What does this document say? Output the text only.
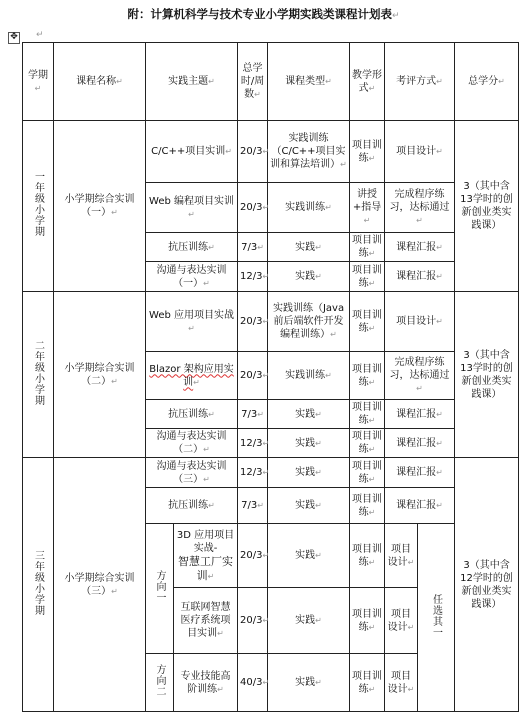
附：计算机科学与技术专业小学期实践类课程计划表↵
✥ ↵
学期↵	课程名称↵	实践主题↵		总学时/周数↵	课程类型↵	教学形式↵	考评方式↵		总学分↵
一年级小学期	小学期综合实训（一）↵	C/C++项目实训↵		20/3↵	实践训练（C/C++项目实训和算法培训）↵	项目训练↵	项目设计↵		3（其中含13学时的创新创业类实践课）
		Web 编程项目实训↵		20/3↵	实践训练↵	讲授+指导↵	完成程序练习，达标通过↵		
		抗压训练↵		7/3↵	实践↵	项目训练↵	课程汇报↵		
		沟通与表达实训（一）↵		12/3↵	实践↵	项目训练↵	课程汇报↵		
二年级小学期	小学期综合实训（二）↵	Web 应用项目实战↵		20/3↵	实践训练（Java 前后端软件开发编程训练）↵	项目训练↵	项目设计↵		3（其中含13学时的创新创业类实践课）
		Blazor 架构应用实训↵		20/3↵	实践训练↵	项目训练↵	完成程序练习，达标通过↵		
		抗压训练↵		7/3↵	实践↵	项目训练↵	课程汇报↵		
		沟通与表达实训（二）↵		12/3↵	实践↵	项目训练↵	课程汇报↵		
三年级小学期	小学期综合实训（三）↵	沟通与表达实训（三）↵		12/3↵	实践↵	项目训练↵	课程汇报↵		3（其中含12学时的创新创业类实践课）
		抗压训练↵		7/3↵	实践↵	项目训练↵	课程汇报↵		
		方向一	3D 应用项目实战-
智慧工厂实训↵	20/3↵	实践↵	项目训练↵	项目设计↵	任选其一	
			互联网智慧医疗系统项目实训↵	20/3↵	实践↵	项目训练↵	项目设计↵		
		方向二	专业技能高阶训练↵	40/3↵	实践↵	项目训练↵	项目设计↵		
